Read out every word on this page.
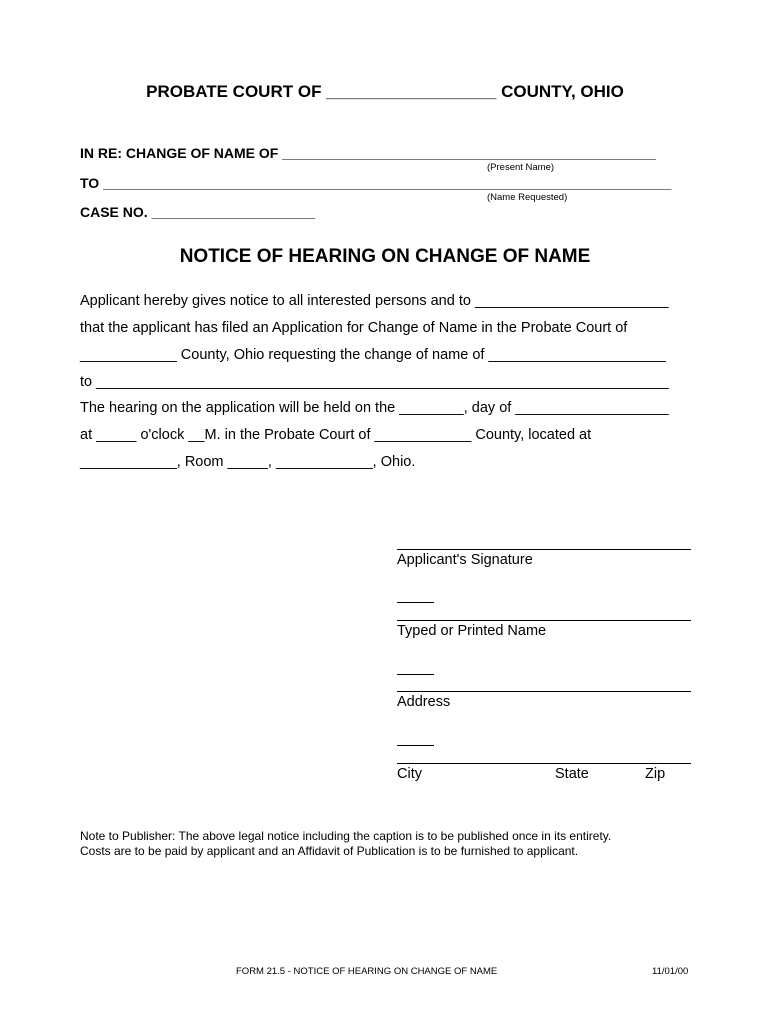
PROBATE COURT OF __________________ COUNTY, OHIO
IN RE: CHANGE OF NAME OF ________________________________________________
(Present Name)
TO _________________________________________________________________________
(Name Requested)
CASE NO. _____________________
NOTICE OF HEARING ON CHANGE OF NAME
Applicant hereby gives notice to all interested persons and to ________________________
that the applicant has filed an Application for Change of Name in the Probate Court of
____________ County, Ohio requesting the change of name of ______________________
to _______________________________________________________________________
The hearing on the application will be held on the ________, day of ___________________
at _____ o'clock __M. in the Probate Court of ____________ County, located at
____________, Room _____, ____________, Ohio.
Applicant's Signature
Typed or Printed Name
Address
City	State	Zip
Note to Publisher: The above legal notice including the caption is to be published once in its entirety.
Costs are to be paid by applicant and an Affidavit of Publication is to be furnished to applicant.
FORM 21.5 - NOTICE OF HEARING ON CHANGE OF NAME	11/01/00
